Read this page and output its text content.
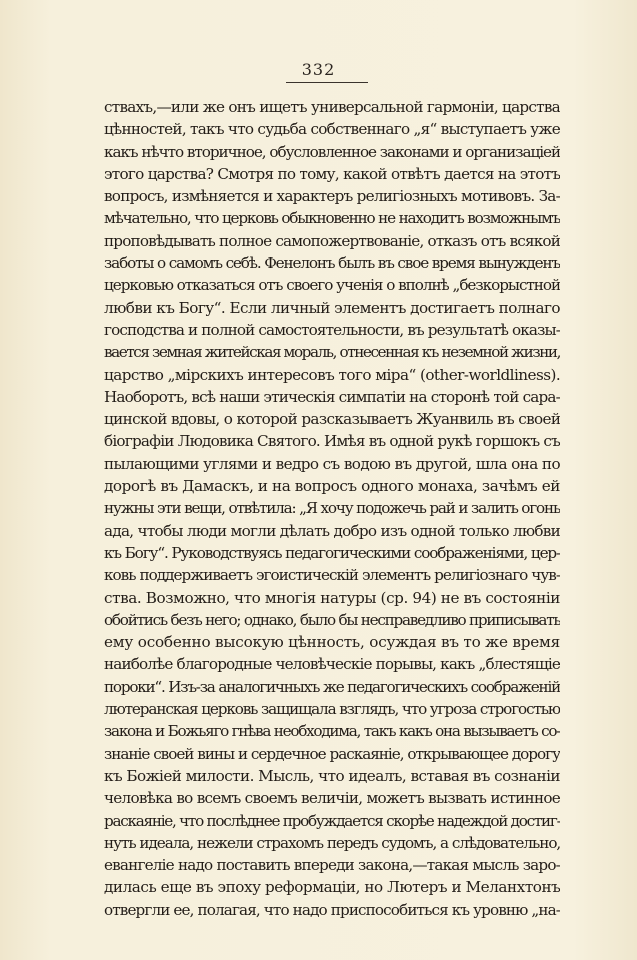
332
ствахъ,—или же онъ ищетъ универсальной гармоніи, царства
цѣнностей, такъ что судьба собственнаго „я“ выступаетъ уже
какъ нѣчто вторичное, обусловленное законами и организацiей
этого царства? Смотря по тому, какой отвѣтъ дается на этотъ
вопросъ, измѣняется и характеръ религіозныхъ мотивовъ. За-
мѣчательно, что церковь обыкновенно не находитъ возможнымъ
проповѣдывать полное самопожертвованіе, отказъ отъ всякой
заботы о самомъ себѣ. Фенелонъ былъ въ свое время вынужденъ
церковью отказаться отъ своего ученія о вполнѣ „безкорыстной
любви къ Богу“. Если личный элементъ достигаетъ полнаго
господства и полной самостоятельности, въ результатѣ оказы-
вается земная житейская мораль, отнесенная къ неземной жизни,
царство „мірскихъ интересовъ того міра“ (other-worldliness).
Наоборотъ, всѣ наши этическія симпатіи на сторонѣ той сара-
цинской вдовы, о которой разсказываетъ Жуанвиль въ своей
біографіи Людовика Святого. Имѣя въ одной рукѣ горшокъ съ
пылающими углями и ведро съ водою въ другой, шла она по
дорогѣ въ Дамаскъ, и на вопросъ одного монаха, зачѣмъ ей
нужны эти вещи, отвѣтила: „Я хочу подожечь рай и залить огонь
ада, чтобы люди могли дѣлать добро изъ одной только любви
къ Богу“. Руководствуясь педагогическими соображеніями, цер-
ковь поддерживаетъ эгоистическій элементъ религіознаго чув-
ства. Возможно, что многія натуры (ср. 94) не въ состояніи
обойтись безъ него; однако, было бы несправедливо приписывать
ему особенно высокую цѣнность, осуждая въ то же время
наиболѣе благородные человѣческіе порывы, какъ „блестящіе
пороки“. Изъ-за аналогичныхъ же педагогическихъ соображеній
лютеранская церковь защищала взглядъ, что угроза строгостью
закона и Божьяго гнѣва необходима, такъ какъ она вызываетъ со-
знаніе своей вины и сердечное раскаяніе, открывающее дорогу
къ Божіей милости. Мысль, что идеалъ, вставая въ сознаніи
человѣка во всемъ своемъ величіи, можетъ вызвать истинное
раскаяніе, что послѣднее пробуждается скорѣе надеждой достиг-
нуть идеала, нежели страхомъ передъ судомъ, а слѣдовательно,
евангеліе надо поставить впереди закона,—такая мысль заро-
дилась еще въ эпоху реформаціи, но Лютеръ и Меланхтонъ
отвергли ее, полагая, что надо приспособиться къ уровню „на-
